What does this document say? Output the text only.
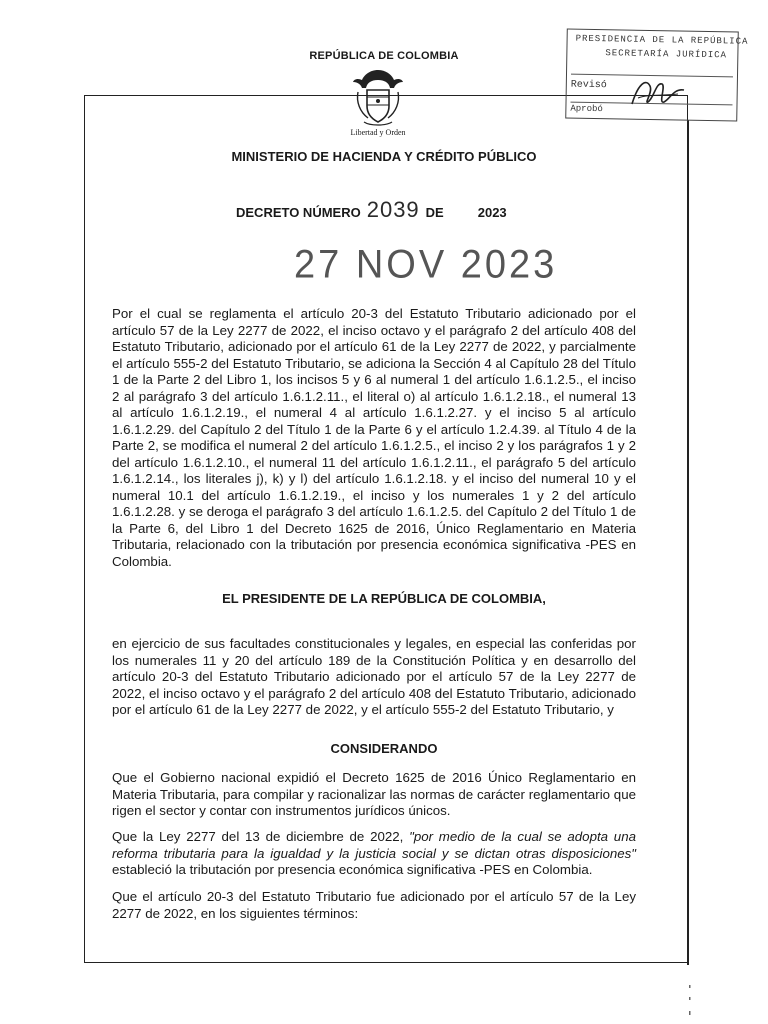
REPÚBLICA DE COLOMBIA
Libertad y Orden
MINISTERIO DE HACIENDA Y CRÉDITO PÚBLICO
DECRETO NÚMERO 2039 DE	2023
27 NOV 2023

Por el cual se reglamenta el artículo 20-3 del Estatuto Tributario adicionado por el artículo 57 de la Ley 2277 de 2022, el inciso octavo y el parágrafo 2 del artículo 408 del Estatuto Tributario, adicionado por el artículo 61 de la Ley 2277 de 2022, y parcialmente el artículo 555-2 del Estatuto Tributario, se adiciona la Sección 4 al Capítulo 28 del Título 1 de la Parte 2 del Libro 1, los incisos 5 y 6 al numeral 1 del artículo 1.6.1.2.5., el inciso 2 al parágrafo 3 del artículo 1.6.1.2.11., el literal o) al artículo 1.6.1.2.18., el numeral 13 al artículo 1.6.1.2.19., el numeral 4 al artículo 1.6.1.2.27. y el inciso 5 al artículo 1.6.1.2.29. del Capítulo 2 del Título 1 de la Parte 6 y el artículo 1.2.4.39. al Título 4 de la Parte 2, se modifica el numeral 2 del artículo 1.6.1.2.5., el inciso 2 y los parágrafos 1 y 2 del artículo 1.6.1.2.10., el numeral 11 del artículo 1.6.1.2.11., el parágrafo 5 del artículo 1.6.1.2.14., los literales j), k) y l) del artículo 1.6.1.2.18. y el inciso del numeral 10 y el numeral 10.1 del artículo 1.6.1.2.19., el inciso y los numerales 1 y 2 del artículo 1.6.1.2.28. y se deroga el parágrafo 3 del artículo 1.6.1.2.5. del Capítulo 2 del Título 1 de la Parte 6, del Libro 1 del Decreto 1625 de 2016, Único Reglamentario en Materia Tributaria, relacionado con la tributación por presencia económica significativa -PES en Colombia.

EL PRESIDENTE DE LA REPÚBLICA DE COLOMBIA,

en ejercicio de sus facultades constitucionales y legales, en especial las conferidas por los numerales 11 y 20 del artículo 189 de la Constitución Política y en desarrollo del artículo 20-3 del Estatuto Tributario adicionado por el artículo 57 de la Ley 2277 de 2022, el inciso octavo y el parágrafo 2 del artículo 408 del Estatuto Tributario, adicionado por el artículo 61 de la Ley 2277 de 2022, y el artículo 555-2 del Estatuto Tributario, y

CONSIDERANDO

Que el Gobierno nacional expidió el Decreto 1625 de 2016 Único Reglamentario en Materia Tributaria, para compilar y racionalizar las normas de carácter reglamentario que rigen el sector y contar con instrumentos jurídicos únicos.

Que la Ley 2277 del 13 de diciembre de 2022, "por medio de la cual se adopta una reforma tributaria para la igualdad y la justicia social y se dictan otras disposiciones" estableció la tributación por presencia económica significativa -PES en Colombia.

Que el artículo 20-3 del Estatuto Tributario fue adicionado por el artículo 57 de la Ley 2277 de 2022, en los siguientes términos:

PRESIDENCIA DE LA REPÚBLICA
SECRETARÍA JURÍDICA
Revisó
Aprobó
